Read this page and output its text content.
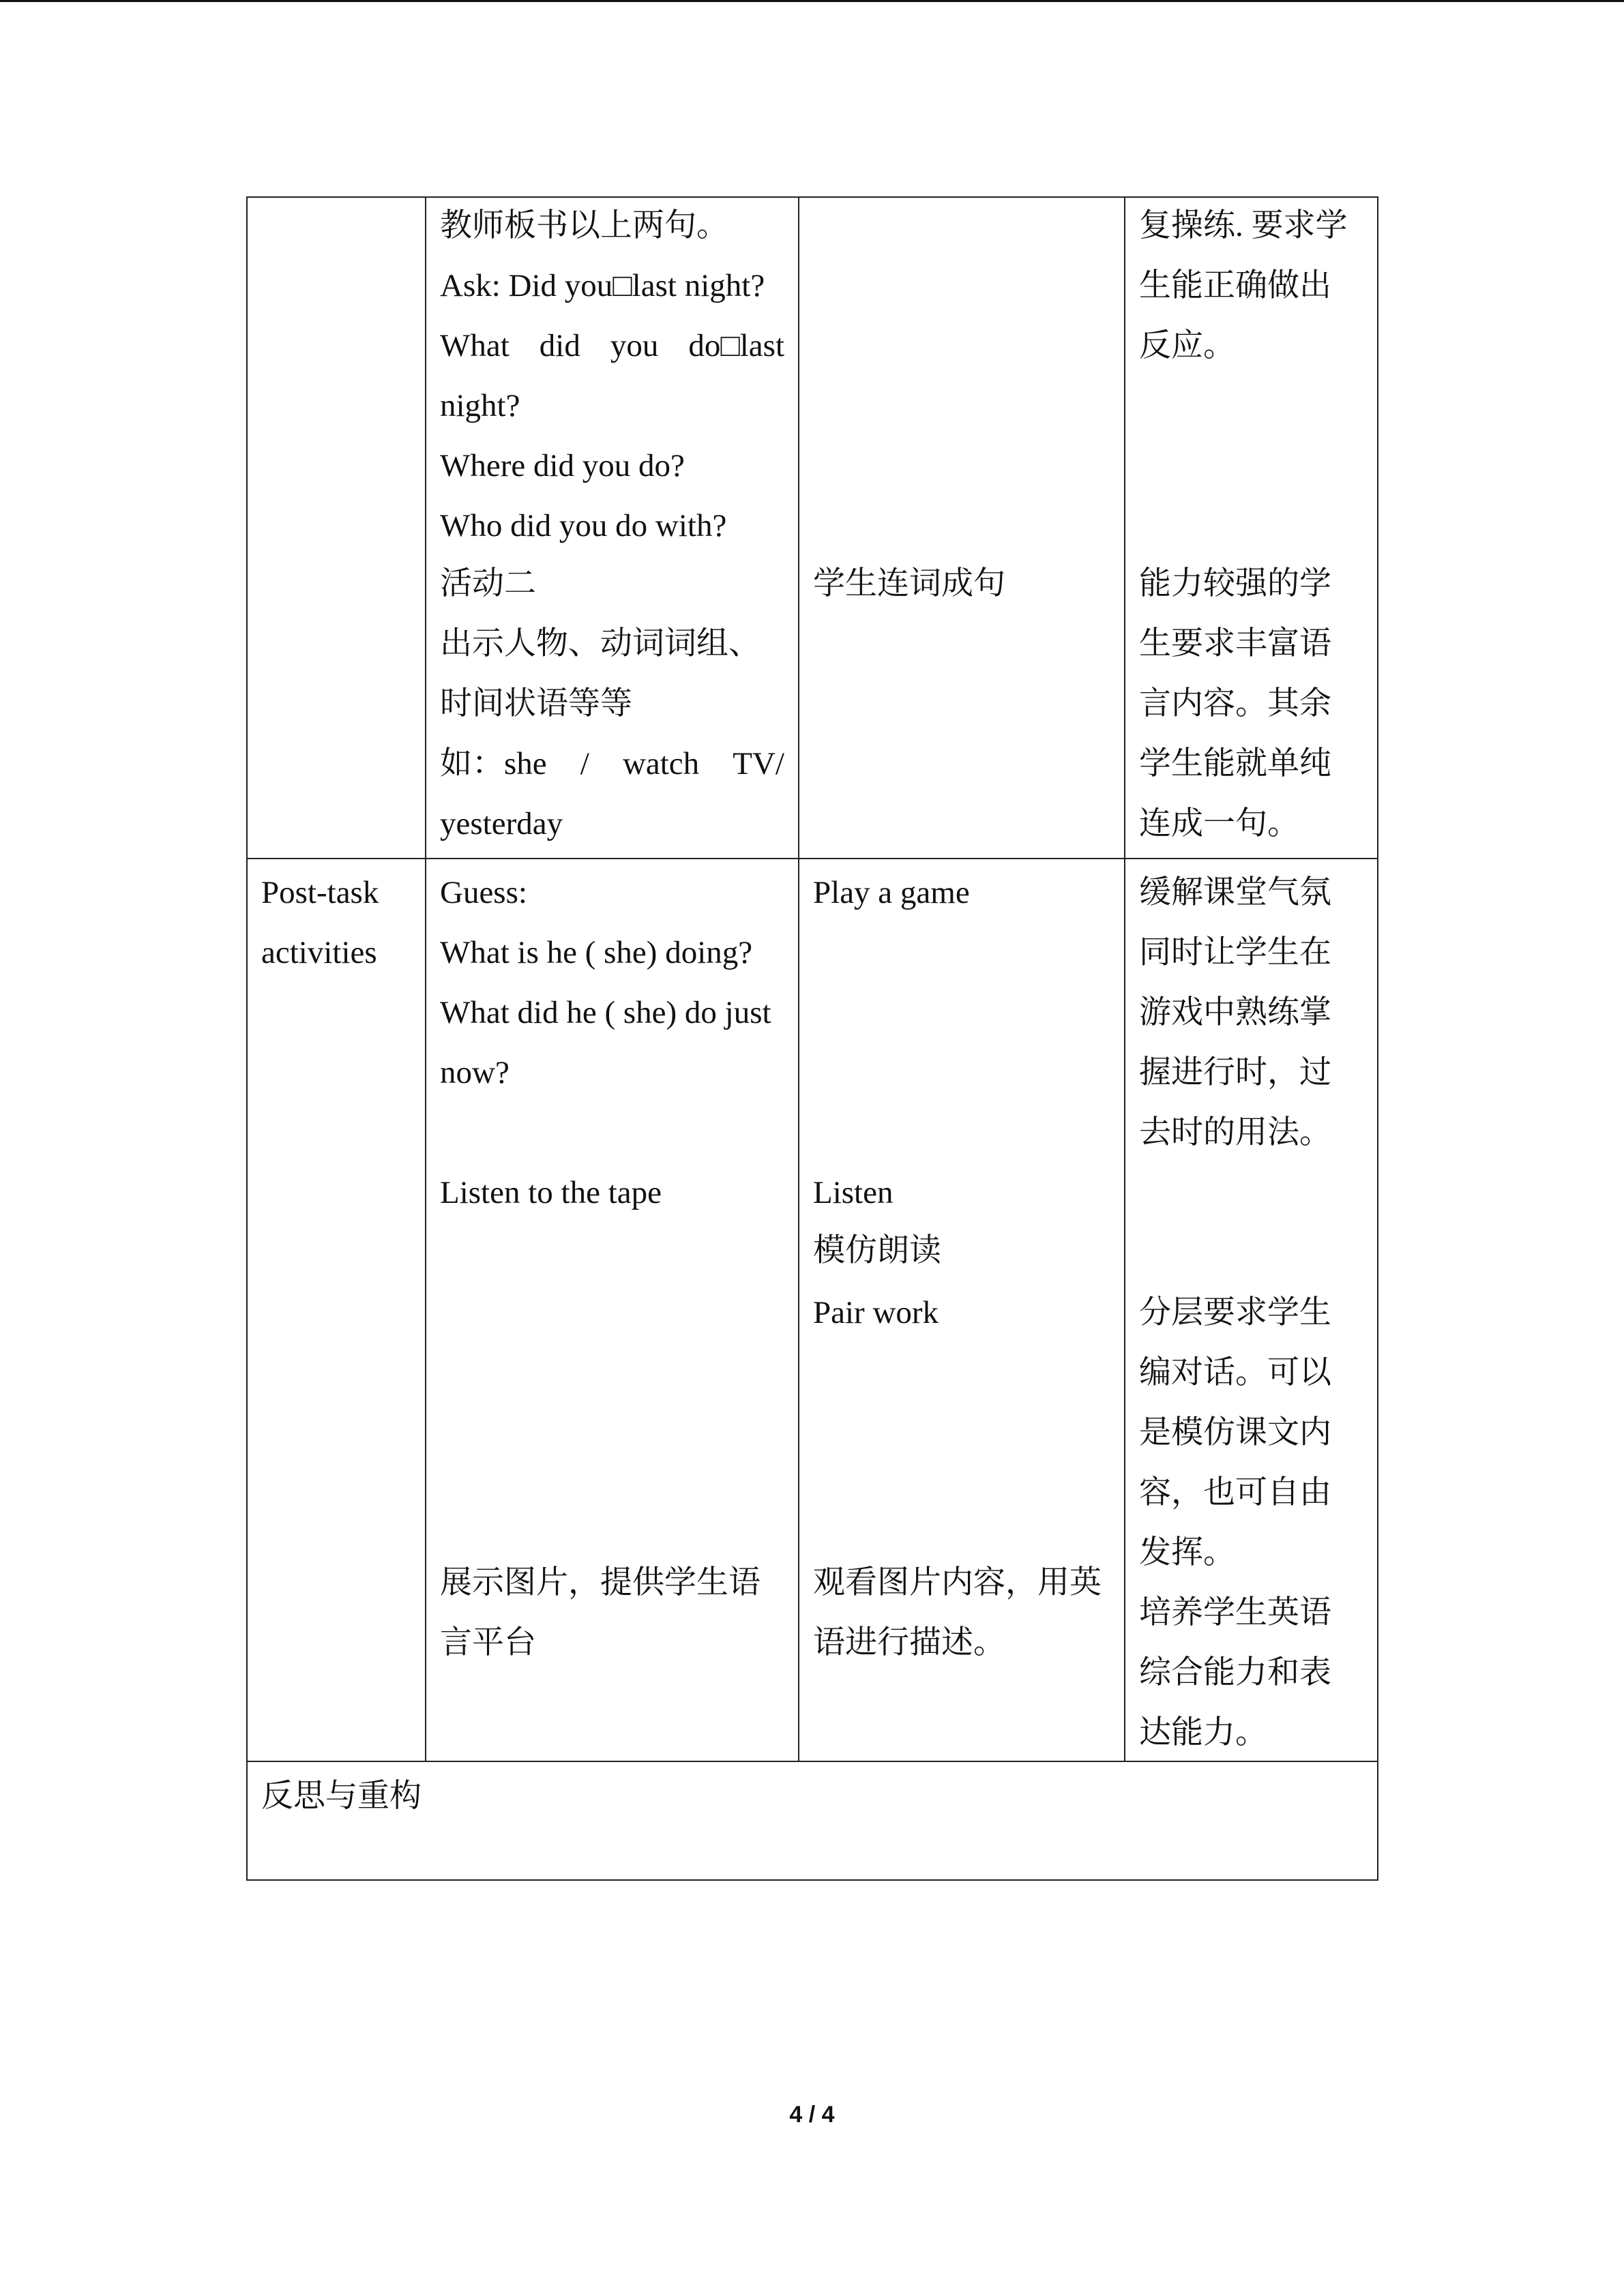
教师板书以上两句。

Ask: Did you□last night?

What did you do□last

night?

Where did you do?

Who did you do with?

活动二

出示人物、动词词组、

时间状语等等

如：she / watch TV/

yesterday

学生连词成句

复操练. 要求学

生能正确做出

反应。

能力较强的学

生要求丰富语

言内容。其余

学生能就单纯

连成一句。

Post-task

activities

Guess:

What is he ( she) doing?

What did he ( she) do just

now?

Listen to the tape

展示图片，提供学生语

言平台

Play a game

Listen

模仿朗读

Pair work

观看图片内容，用英

语进行描述。

缓解课堂气氛

同时让学生在

游戏中熟练掌

握进行时，过

去时的用法。

分层要求学生

编对话。可以

是模仿课文内

容，也可自由

发挥。

培养学生英语

综合能力和表

达能力。

反思与重构

4 / 4
